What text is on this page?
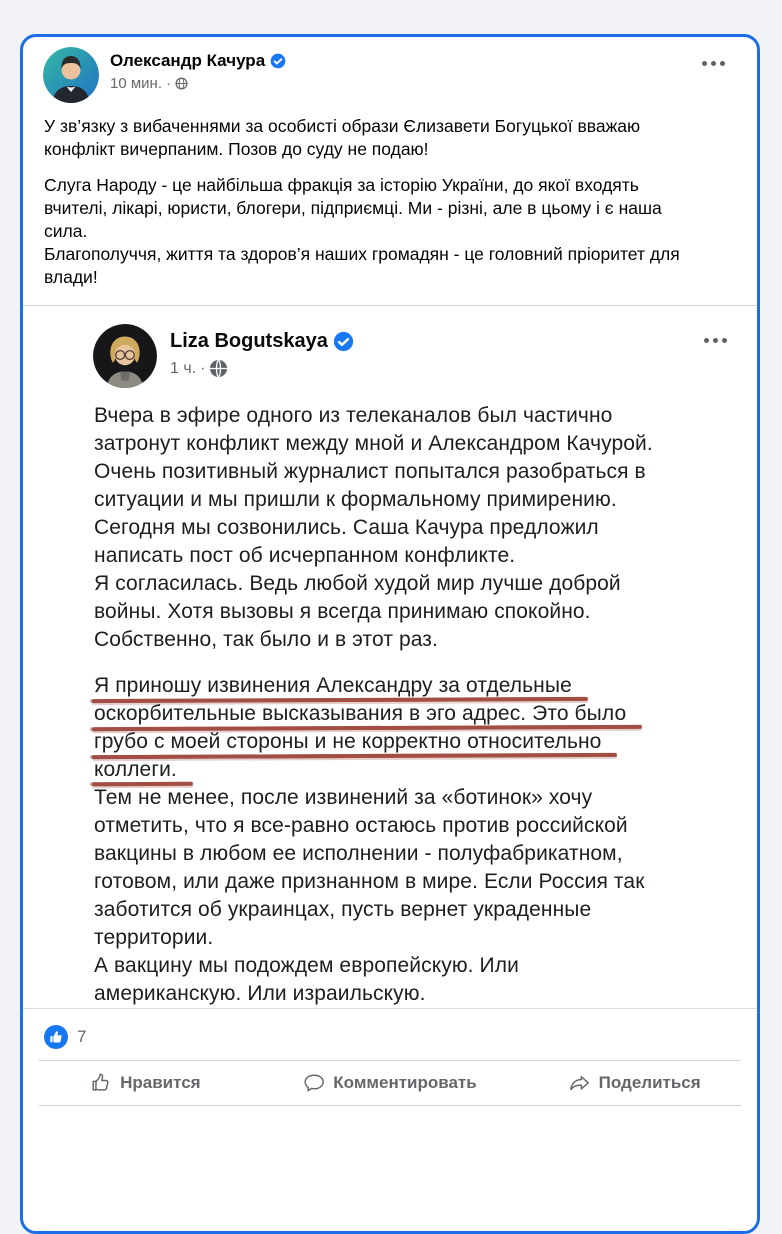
Олександр Качура
10 мин. ·
У зв’язку з вибаченнями за особисті образи Єлизавети Богуцької вважаю
конфлікт вичерпаним. Позов до суду не подаю!
Слуга Народу - це найбільша фракція за історію України, до якої входять
вчителі, лікарі, юристи, блогери, підприємці. Ми - різні, але в цьому і є наша
сила.
Благополуччя, життя та здоров’я наших громадян - це головний пріоритет для
влади!
Liza Bogutskaya
1 ч. ·
Вчера в эфире одного из телеканалов был частично
затронут конфликт между мной и Александром Качурой.
Очень позитивный журналист попытался разобраться в
ситуации и мы пришли к формальному примирению.
Сегодня мы созвонились. Саша Качура предложил
написать пост об исчерпанном конфликте.
Я согласилась. Ведь любой худой мир лучше доброй
войны. Хотя вызовы я всегда принимаю спокойно.
Собственно, так было и в этот раз.
Я приношу извинения Александру за отдельные
оскорбительные высказывания в эго адрес. Это было
грубо с моей стороны и не корректно относительно
коллеги.
Тем не менее, после извинений за «ботинок» хочу
отметить, что я все-равно остаюсь против российской
вакцины в любом ее исполнении - полуфабрикатном,
готовом, или даже признанном в мире. Если Россия так
заботится об украинцах, пусть вернет украденные
территории.
А вакцину мы подождем европейскую. Или
американскую. Или израильскую.
7
Нравится	Комментировать	Поделиться
